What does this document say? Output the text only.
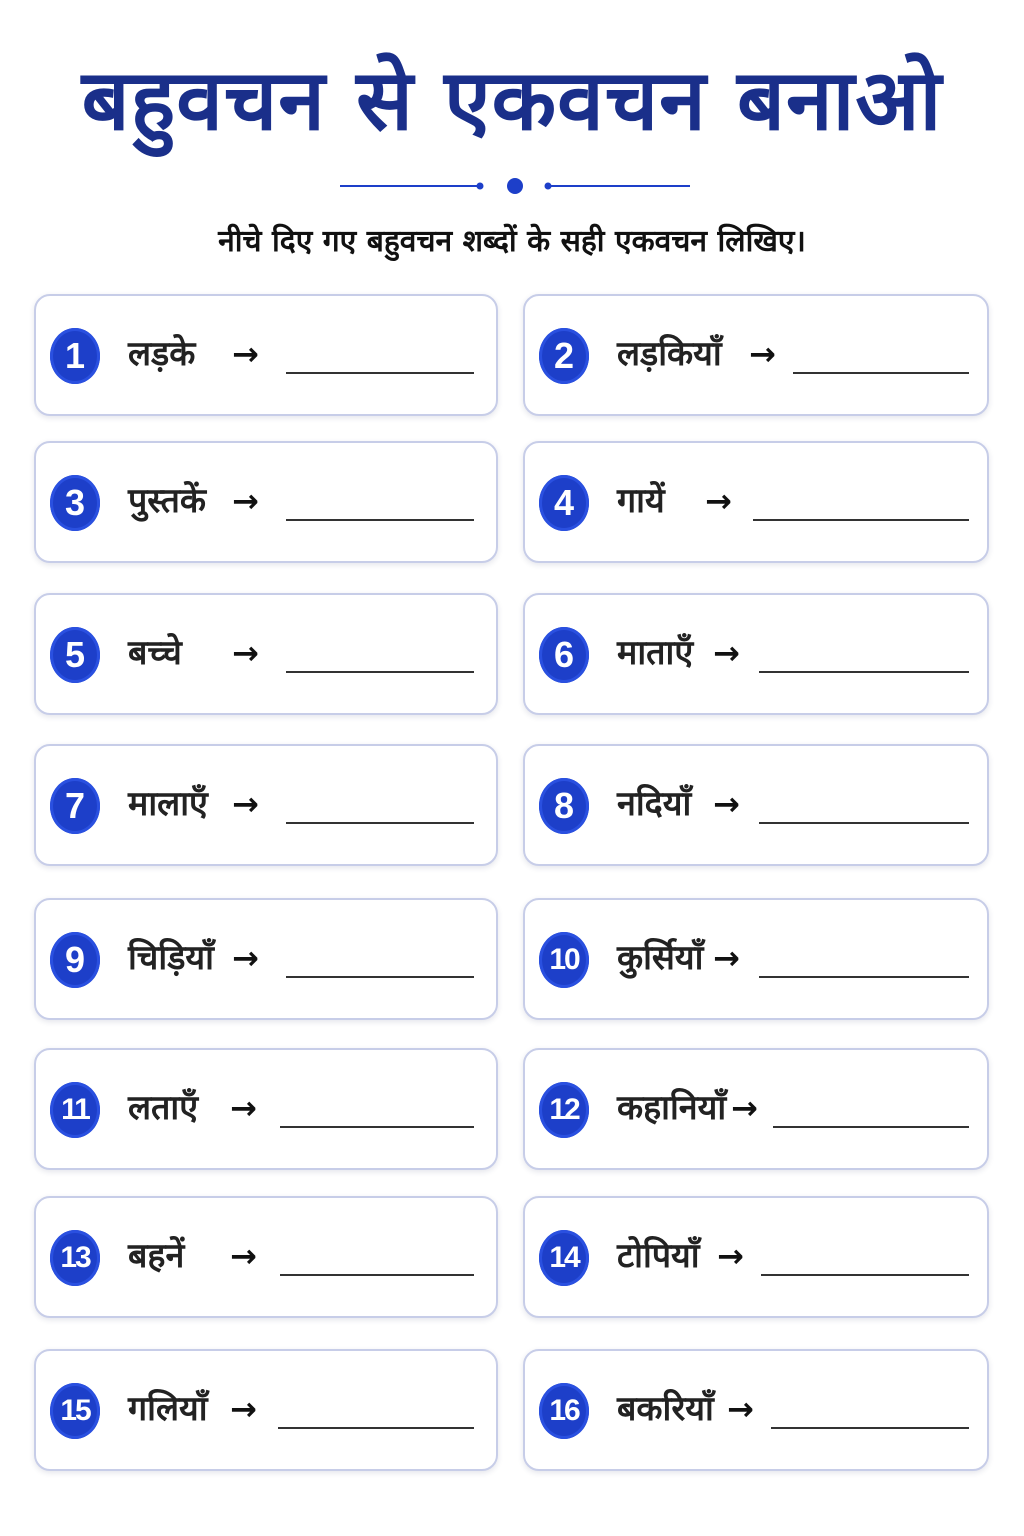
बहुवचन से एकवचन बनाओ
नीचे दिए गए बहुवचन शब्दों के सही एकवचन लिखिए।
1	लड़के →	2	लड़कियाँ →
3	पुस्तकें →	4	गायें →
5	बच्चे →	6	माताएँ →
7	मालाएँ →	8	नदियाँ →
9	चिड़ियाँ →	10	कुर्सियाँ →
11	लताएँ →	12	कहानियाँ →
13	बहनें →	14	टोपियाँ →
15	गलियाँ →	16	बकरियाँ →
